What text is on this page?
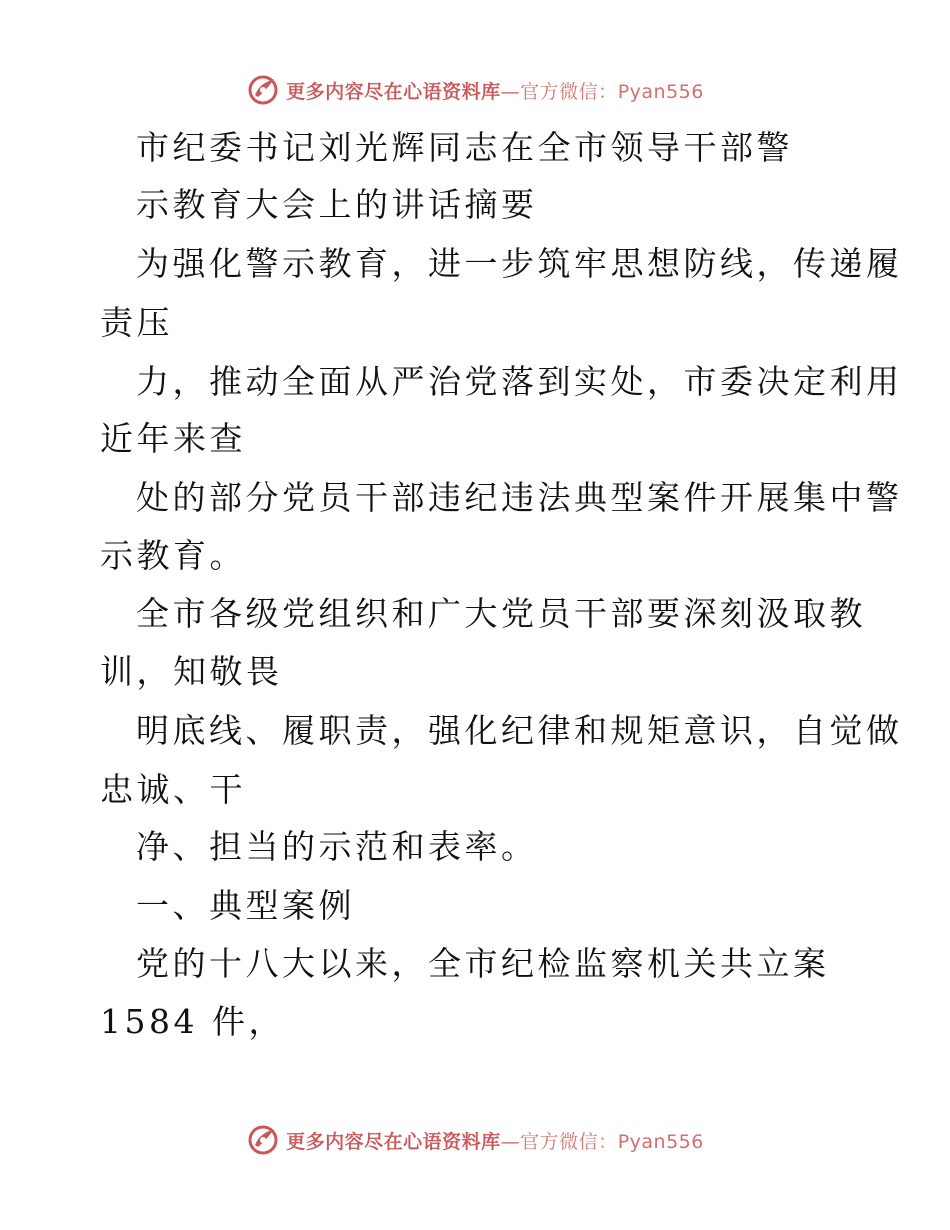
更多内容尽在心语资料库—官方微信：Pyan556
市纪委书记刘光辉同志在全市领导干部警
示教育大会上的讲话摘要
为强化警示教育，进一步筑牢思想防线，传递履
责压
力，推动全面从严治党落到实处，市委决定利用
近年来查
处的部分党员干部违纪违法典型案件开展集中警
示教育。
全市各级党组织和广大党员干部要深刻汲取教
训，知敬畏
明底线、履职责，强化纪律和规矩意识，自觉做
忠诚、干
净、担当的示范和表率。
一、典型案例
党的十八大以来，全市纪检监察机关共立案
1584 件，
更多内容尽在心语资料库—官方微信：Pyan556
